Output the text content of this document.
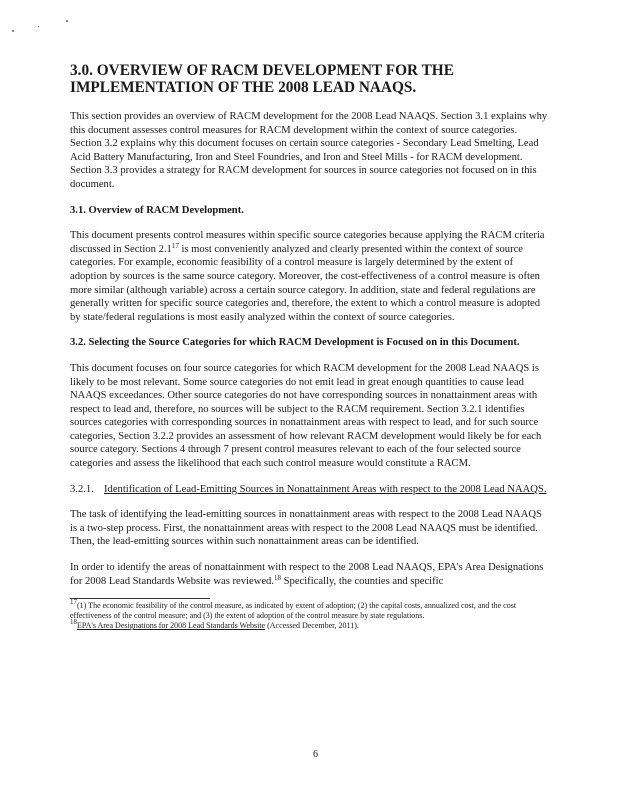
3.0. OVERVIEW OF RACM DEVELOPMENT FOR THE
IMPLEMENTATION OF THE 2008 LEAD NAAQS.

This section provides an overview of RACM development for the 2008 Lead NAAQS. Section 3.1 explains why this document assesses control measures for RACM development within the context of source categories. Section 3.2 explains why this document focuses on certain source categories - Secondary Lead Smelting, Lead Acid Battery Manufacturing, Iron and Steel Foundries, and Iron and Steel Mills - for RACM development. Section 3.3 provides a strategy for RACM development for sources in source categories not focused on in this document.

3.1. Overview of RACM Development.

This document presents control measures within specific source categories because applying the RACM criteria discussed in Section $2.1^{17}$ is most conveniently analyzed and clearly presented within the context of source categories. For example, economic feasibility of a control measure is largely determined by the extent of adoption by sources is the same source category. Moreover, the cost-effectiveness of a control measure is often more similar (although variable) across a certain source category. In addition, state and federal regulations are generally written for specific source categories and, therefore, the extent to which a control measure is adopted by state/federal regulations is most easily analyzed within the context of source categories.

3.2. Selecting the Source Categories for which RACM Development is Focused on in this Document.

This document focuses on four source categories for which RACM development for the 2008 Lead NAAQS is likely to be most relevant. Some source categories do not emit lead in great enough quantities to cause lead NAAQS exceedances. Other source categories do not have corresponding sources in nonattainment areas with respect to lead and, therefore, no sources will be subject to the RACM requirement. Section 3.2.1 identifies sources categories with corresponding sources in nonattainment areas with respect to lead, and for such source categories, Section 3.2.2 provides an assessment of how relevant RACM development would likely be for each source category. Sections 4 through 7 present control measures relevant to each of the four selected source categories and assess the likelihood that each such control measure would constitute a RACM.

3.2.1. Identification of Lead-Emitting Sources in Nonattainment Areas with respect to the 2008 Lead NAAQS.

The task of identifying the lead-emitting sources in nonattainment areas with respect to the 2008 Lead NAAQS is a two-step process. First, the nonattainment areas with respect to the 2008 Lead NAAQS must be identified. Then, the lead-emitting sources within such nonattainment areas can be identified.

In order to identify the areas of nonattainment with respect to the 2008 Lead NAAQS, EPA's Area Designations for 2008 Lead Standards Website was reviewed.$^{18}$ Specifically, the counties and specific

$^{17}$(1) The economic feasibility of the control measure, as indicated by extent of adoption; (2) the capital costs, annualized cost, and the cost effectiveness of the control measure; and (3) the extent of adoption of the control measure by state regulations.
$^{18}$EPA's Area Designations for 2008 Lead Standards Website (Accessed December, 2011).
6
